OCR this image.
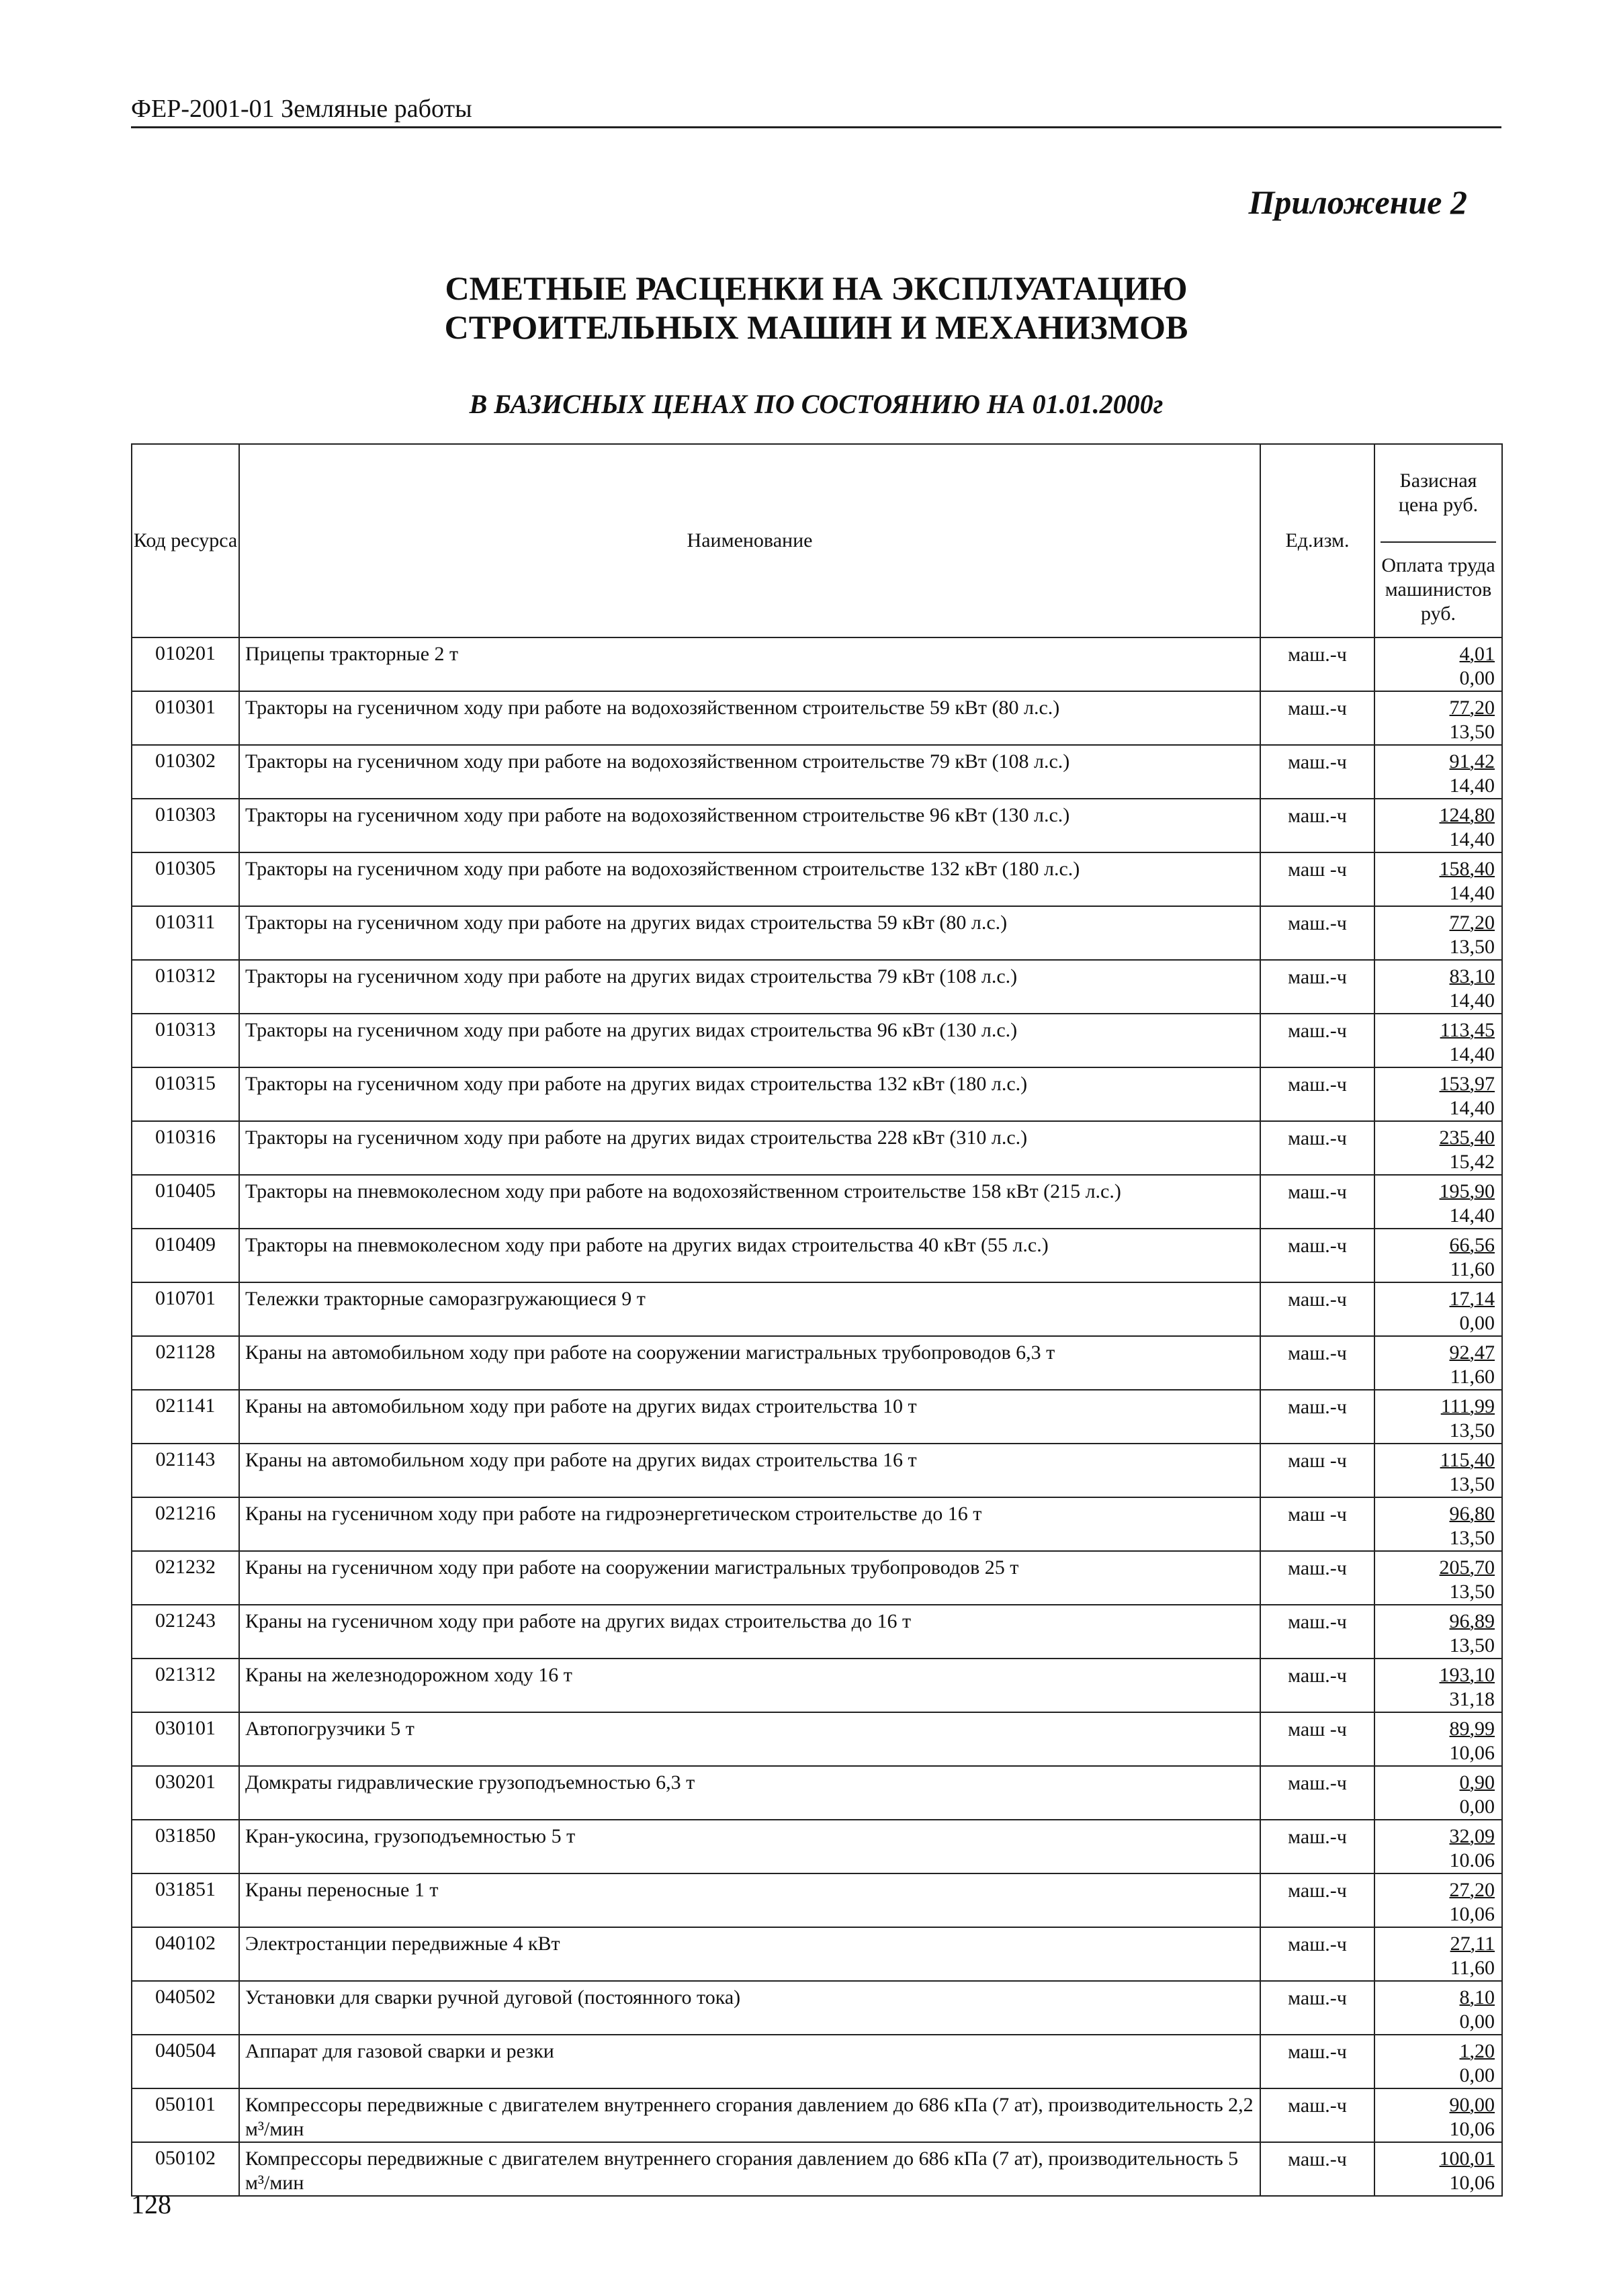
ФЕР-2001-01 Земляные работы
Приложение 2
СМЕТНЫЕ РАСЦЕНКИ НА ЭКСПЛУАТАЦИЮ
СТРОИТЕЛЬНЫХ МАШИН И МЕХАНИЗМОВ
В БАЗИСНЫХ ЦЕНАХ ПО СОСТОЯНИЮ НА 01.01.2000г
Код ресурса	Наименование	Ед.изм.	Базисная цена руб.
Оплата труда машинистов руб.

010201	Прицепы тракторные 2 т	маш.-ч	4,01
0,00

010301	Тракторы на гусеничном ходу при работе на водохозяйственном строительстве 59 кВт (80 л.с.)	маш.-ч	77,20
13,50

010302	Тракторы на гусеничном ходу при работе на водохозяйственном строительстве 79 кВт (108 л.с.)	маш.-ч	91,42
14,40

010303	Тракторы на гусеничном ходу при работе на водохозяйственном строительстве 96 кВт (130 л.с.)	маш.-ч	124,80
14,40

010305	Тракторы на гусеничном ходу при работе на водохозяйственном строительстве 132 кВт (180 л.с.)	маш -ч	158,40
14,40

010311	Тракторы на гусеничном ходу при работе на других видах строительства 59 кВт (80 л.с.)	маш.-ч	77,20
13,50

010312	Тракторы на гусеничном ходу при работе на других видах строительства 79 кВт (108 л.с.)	маш.-ч	83,10
14,40

010313	Тракторы на гусеничном ходу при работе на других видах строительства 96 кВт (130 л.с.)	маш.-ч	113,45
14,40

010315	Тракторы на гусеничном ходу при работе на других видах строительства 132 кВт (180 л.с.)	маш.-ч	153,97
14,40

010316	Тракторы на гусеничном ходу при работе на других видах строительства 228 кВт (310 л.с.)	маш.-ч	235,40
15,42

010405	Тракторы на пневмоколесном ходу при работе на водохозяйственном строительстве 158 кВт (215 л.с.)	маш.-ч	195,90
14,40

010409	Тракторы на пневмоколесном ходу при работе на других видах строительства 40 кВт (55 л.с.)	маш.-ч	66,56
11,60

010701	Тележки тракторные саморазгружающиеся 9 т	маш.-ч	17,14
0,00

021128	Краны на автомобильном ходу при работе на сооружении магистральных трубопроводов 6,3 т	маш.-ч	92,47
11,60

021141	Краны на автомобильном ходу при работе на других видах строительства 10 т	маш.-ч	111,99
13,50

021143	Краны на автомобильном ходу при работе на других видах строительства 16 т	маш -ч	115,40
13,50

021216	Краны на гусеничном ходу при работе на гидроэнергетическом строительстве до 16 т	маш -ч	96,80
13,50

021232	Краны на гусеничном ходу при работе на сооружении магистральных трубопроводов 25 т	маш.-ч	205,70
13,50

021243	Краны на гусеничном ходу при работе на других видах строительства до 16 т	маш.-ч	96,89
13,50

021312	Краны на железнодорожном ходу 16 т	маш.-ч	193,10
31,18

030101	Автопогрузчики 5 т	маш -ч	89,99
10,06

030201	Домкраты гидравлические грузоподъемностью 6,3 т	маш.-ч	0,90
0,00

031850	Кран-укосина, грузоподъемностью 5 т	маш.-ч	32,09
10.06

031851	Краны переносные 1 т	маш.-ч	27,20
10,06

040102	Электростанции передвижные 4 кВт	маш.-ч	27,11
11,60

040502	Установки для сварки ручной дуговой (постоянного тока)	маш.-ч	8,10
0,00

040504	Аппарат для газовой сварки и резки	маш.-ч	1,20
0,00

050101	Компрессоры передвижные с двигателем внутреннего сгорания давлением до 686 кПа (7 ат), производительность 2,2 м³/мин	маш.-ч	90,00
10,06

050102	Компрессоры передвижные с двигателем внутреннего сгорания давлением до 686 кПа (7 ат), производительность 5 м³/мин	маш.-ч	100,01
10,06
128
